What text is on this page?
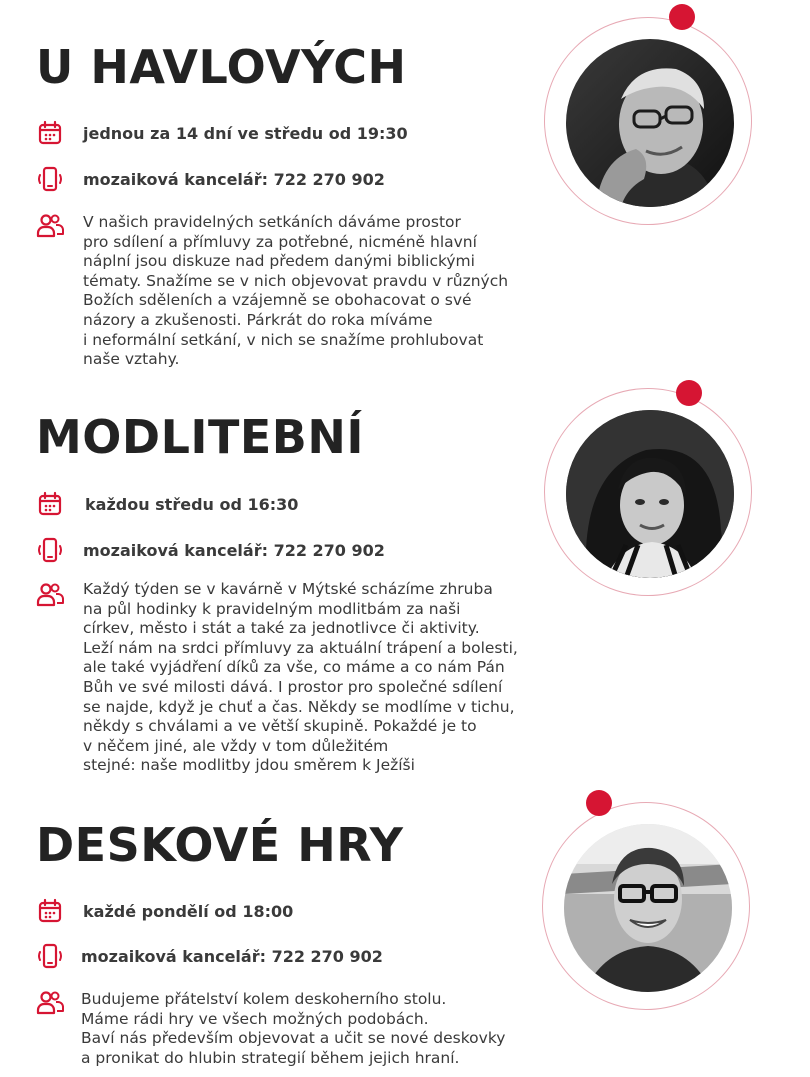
U HAVLOVÝCH
jednou za 14 dní ve středu od 19:30
mozaiková kancelář: 722 270 902
V našich pravidelných setkáních dáváme prostor
pro sdílení a přímluvy za potřebné, nicméně hlavní
náplní jsou diskuze nad předem danými biblickými
tématy. Snažíme se v nich objevovat pravdu v různých
Božích sděleních a vzájemně se obohacovat o své
názory a zkušenosti. Párkrát do roka míváme
i neformální setkání, v nich se snažíme prohlubovat
naše vztahy.
MODLITEBNÍ
každou středu od 16:30
mozaiková kancelář: 722 270 902
Každý týden se v kavárně v Mýtské scházíme zhruba
na půl hodinky k pravidelným modlitbám za naši
církev, město i stát a také za jednotlivce či aktivity.
Leží nám na srdci přímluvy za aktuální trápení a bolesti,
ale také vyjádření díků za vše, co máme a co nám Pán
Bůh ve své milosti dává. I prostor pro společné sdílení
se najde, když je chuť a čas. Někdy se modlíme v tichu,
někdy s chválami a ve větší skupině. Pokaždé je to
v něčem jiné, ale vždy v tom důležitém
stejné: naše modlitby jdou směrem k Ježíši
DESKOVÉ HRY
každé pondělí od 18:00
mozaiková kancelář: 722 270 902
Budujeme přátelství kolem deskoherního stolu.
Máme rádi hry ve všech možných podobách.
Baví nás především objevovat a učit se nové deskovky
a pronikat do hlubin strategií během jejich hraní.
